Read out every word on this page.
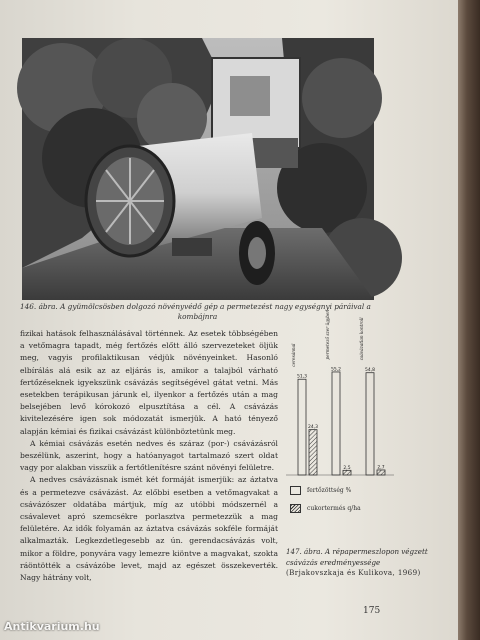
146. ábra. A gyümölcsösben dolgozó növényvédő gép a permetezést nagy egységnyi páráival a
kombájnra

fizikai hatások felhasználásával történnek. Az esetek többségében a vetőmagra tapadt, még fertőzés előtt álló szervezeteket öljük meg, vagyis profilaktikusan védjük növényeinket. Hasonló elbírálás alá esik az az eljárás is, amikor a talajból várható fertőzéseknek igyekszünk csávázás segítségével gátat vetni. Más esetekben terápikusan járunk el, ilyenkor a fertőzés után a mag belsejében levő kórokozó elpusztítása a cél. A csávázás kivitelezésére igen sok módozatát ismerjük. A ható tényező alapján kémiai és fizikai csávázást különböztetünk meg.

A kémiai csávázás esetén nedves és száraz (por-) csávázásról beszélünk, aszerint, hogy a hatóanyagot tartalmazó szert oldat vagy por alakban visszük a fertőtlenítésre szánt növényi felületre.

A nedves csávázásnak ismét két formáját ismerjük: az áztatva és a permetezve csávázást. Az előbbi esetben a vetőmagvakat a csávázószer oldatába mártjuk, míg az utóbbi módszernél a csávalevet apró szemcsékre porlasztva permetezzük a mag felületére. Az idők folyamán az áztatva csávázás sokféle formáját alkalmazták. Legkezdetlegesebb az ún. gerendacsávázás volt, mikor a földre, ponyvára vagy lemezre kiöntve a magvakat, szokta ráöntötték a csávázóbe levet, majd az egészet összekeverték. Nagy hátrány volt,

51,3
24,3
ceresánnal
55,2
2,5
permetező szer ügyben
54,8
2,7
csávázatlan kontroll
fertőzöttség %
cukortermés q/ha
147. ábra. A répapermeszlopon végzett csávázás eredményessége (Brjakovszkaja és Kulikova, 1969)
175
Antikvarium.hu
